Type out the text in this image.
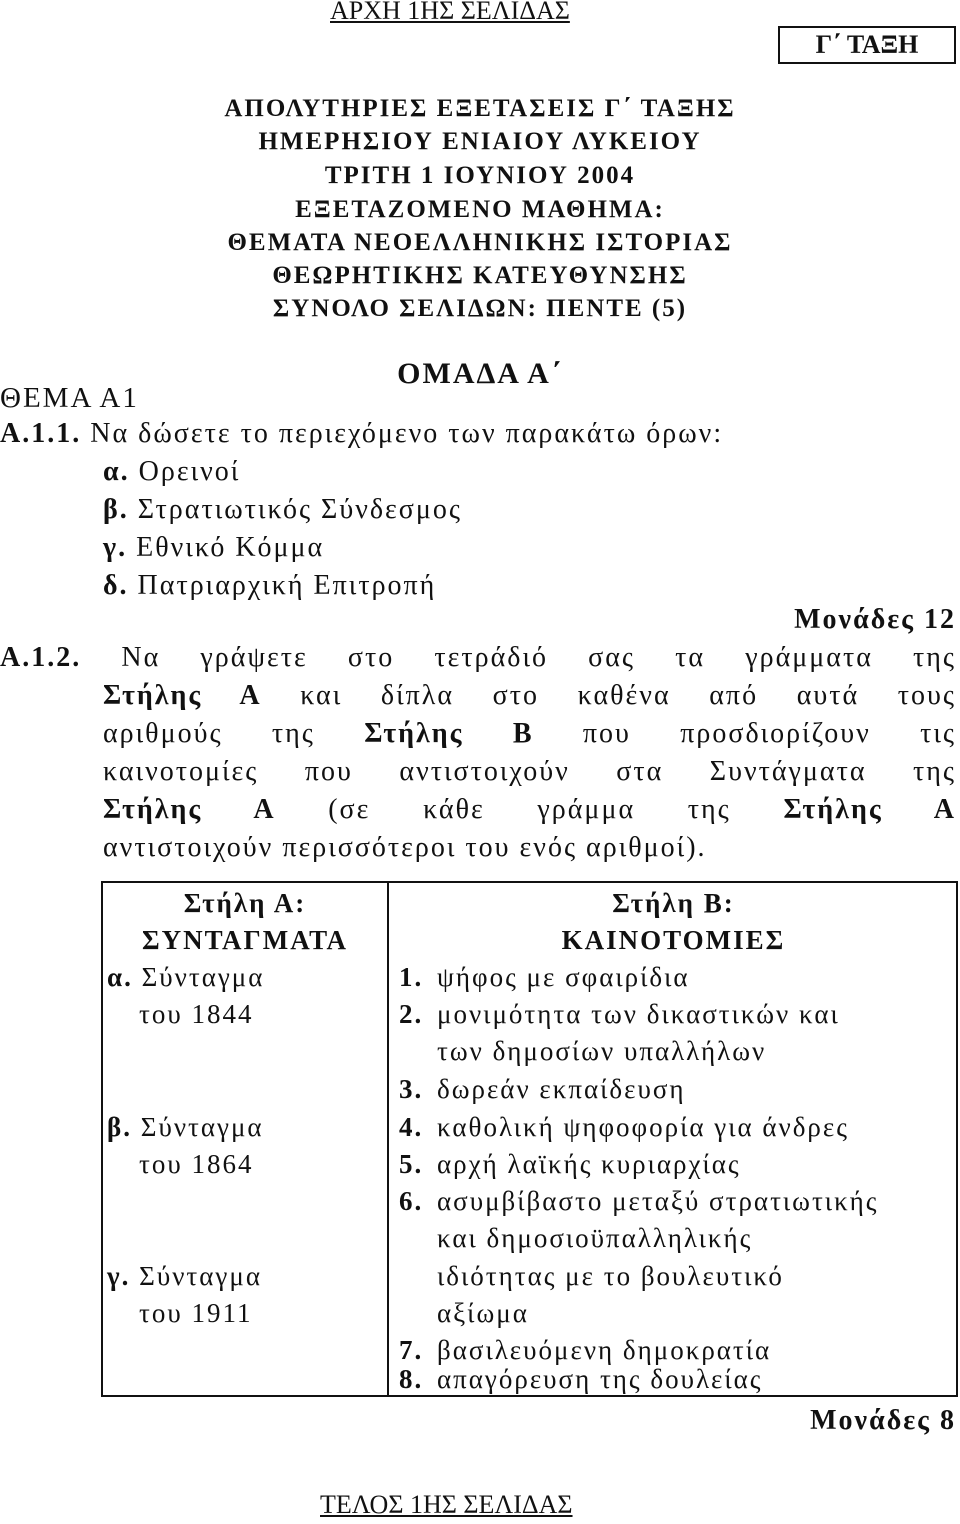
ΑΡΧΗ 1ΗΣ ΣΕΛΙΔΑΣ
Γ΄ ΤΑΞΗ
ΑΠΟΛΥΤΗΡΙΕΣ ΕΞΕΤΑΣΕΙΣ Γ΄ ΤΑΞΗΣ
ΗΜΕΡΗΣΙΟΥ ΕΝΙΑΙΟΥ ΛΥΚΕΙΟΥ
ΤΡΙΤΗ 1 ΙΟΥΝΙΟΥ 2004
ΕΞΕΤΑΖΟΜΕΝΟ ΜΑΘΗΜΑ:
ΘΕΜΑΤΑ ΝΕΟΕΛΛΗΝΙΚΗΣ ΙΣΤΟΡΙΑΣ
ΘΕΩΡΗΤΙΚΗΣ ΚΑΤΕΥΘΥΝΣΗΣ
ΣΥΝΟΛΟ ΣΕΛΙΔΩΝ: ΠΕΝΤΕ (5)
ΟΜΑΔΑ Α΄
ΘΕΜΑ Α1
Α.1.1. Να δώσετε το περιεχόμενο των παρακάτω όρων:
α. Ορεινοί
β. Στρατιωτικός Σύνδεσμος
γ. Εθνικό Κόμμα
δ. Πατριαρχική Επιτροπή
Μονάδες 12
Α.1.2. Να γράψετε στο τετράδιό σας τα γράμματα της
Στήλης Α και δίπλα στο καθένα από αυτά τους
αριθμούς της Στήλης Β που προσδιορίζουν τις
καινοτομίες που αντιστοιχούν στα Συντάγματα της
Στήλης Α (σε κάθε γράμμα της Στήλης Α
αντιστοιχούν περισσότεροι του ενός αριθμοί).
Στήλη Α:
ΣΥΝΤΑΓΜΑΤΑ
Στήλη Β:
ΚΑΙΝΟΤΟΜΙΕΣ
α. Σύνταγμα
του 1844
β. Σύνταγμα
του 1864
γ. Σύνταγμα
του 1911
1. ψήφος με σφαιρίδια
2. μονιμότητα των δικαστικών και
των δημοσίων υπαλλήλων
3. δωρεάν εκπαίδευση
4. καθολική ψηφοφορία για άνδρες
5. αρχή λαϊκής κυριαρχίας
6. ασυμβίβαστο μεταξύ στρατιωτικής
και δημοσιοϋπαλληλικής
ιδιότητας με το βουλευτικό
αξίωμα
7. βασιλευόμενη δημοκρατία
8. απαγόρευση της δουλείας
Μονάδες 8
ΤΕΛΟΣ 1ΗΣ ΣΕΛΙΔΑΣ
